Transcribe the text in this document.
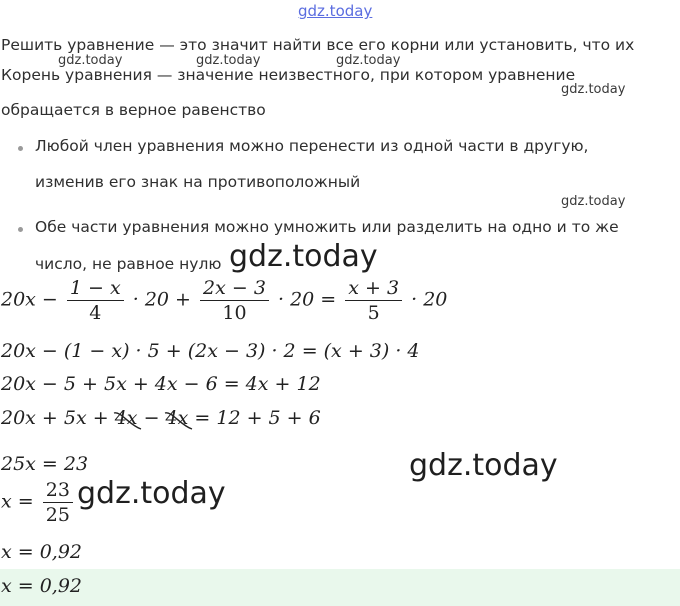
gdz.today
Решить уравнение — это значит найти все его корни или установить, что их
gdz.today	gdz.today	gdz.today
Корень уравнения — значение неизвестного, при котором уравнение
gdz.today
обращается в верное равенство
Любой член уравнения можно перенести из одной части в другую,
изменив его знак на противоположный
gdz.today
Обе части уравнения можно умножить или разделить на одно и то же
число, не равное нулю gdz.today
$20x - \frac{1 - x}{4} \cdot 20 + \frac{2x - 3}{10} \cdot 20 = \frac{x + 3}{5} \cdot 20$
20x − (1 − x) · 5 + (2x − 3) · 2 = (x + 3) · 4
20x − 5 + 5x + 4x − 6 = 4x + 12
20x + 5x + 4x − 4x = 12 + 5 + 6
25x = 23	gdz.today
$x = \frac{23}{25}$ gdz.today
x = 0,92
x = 0,92
